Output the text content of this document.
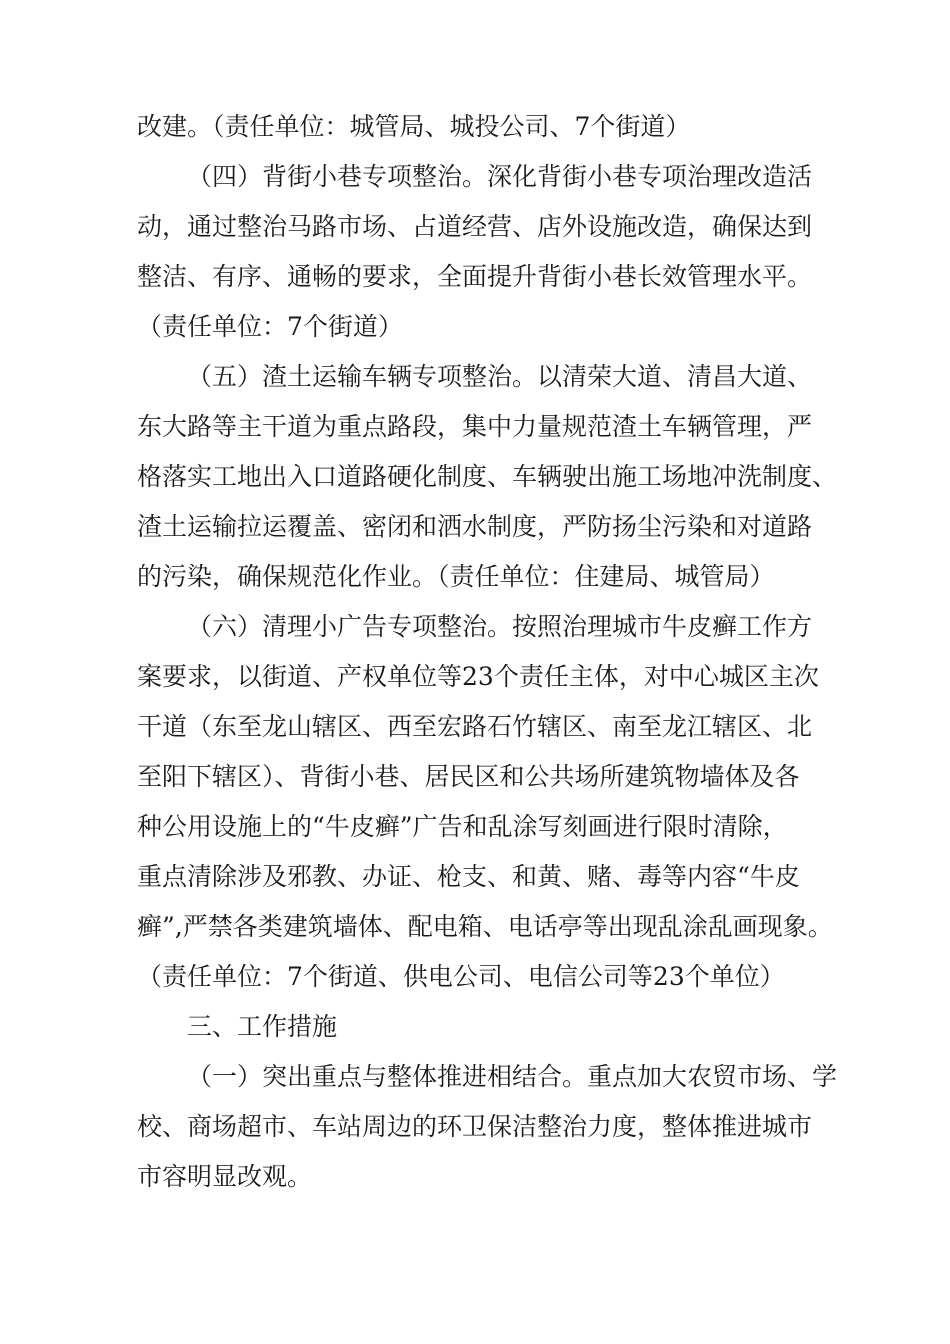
改建。（责任单位：城管局、城投公司、7个街道）
（四）背街小巷专项整治。深化背街小巷专项治理改造活
动，通过整治马路市场、占道经营、店外设施改造，确保达到
整洁、有序、通畅的要求，全面提升背街小巷长效管理水平。
（责任单位：7个街道）
（五）渣土运输车辆专项整治。以清荣大道、清昌大道、
东大路等主干道为重点路段，集中力量规范渣土车辆管理，严
格落实工地出入口道路硬化制度、车辆驶出施工场地冲洗制度、
渣土运输拉运覆盖、密闭和洒水制度，严防扬尘污染和对道路
的污染，确保规范化作业。（责任单位：住建局、城管局）
（六）清理小广告专项整治。按照治理城市牛皮癣工作方
案要求，以街道、产权单位等23个责任主体，对中心城区主次
干道（东至龙山辖区、西至宏路石竹辖区、南至龙江辖区、北
至阳下辖区）、背街小巷、居民区和公共场所建筑物墙体及各
种公用设施上的“牛皮癣”广告和乱涂写刻画进行限时清除，
重点清除涉及邪教、办证、枪支、和黄、赌、毒等内容“牛皮
癣”,严禁各类建筑墙体、配电箱、电话亭等出现乱涂乱画现象。
（责任单位：7个街道、供电公司、电信公司等23个单位）
三、工作措施
（一）突出重点与整体推进相结合。重点加大农贸市场、学
校、商场超市、车站周边的环卫保洁整治力度，整体推进城市
市容明显改观。
